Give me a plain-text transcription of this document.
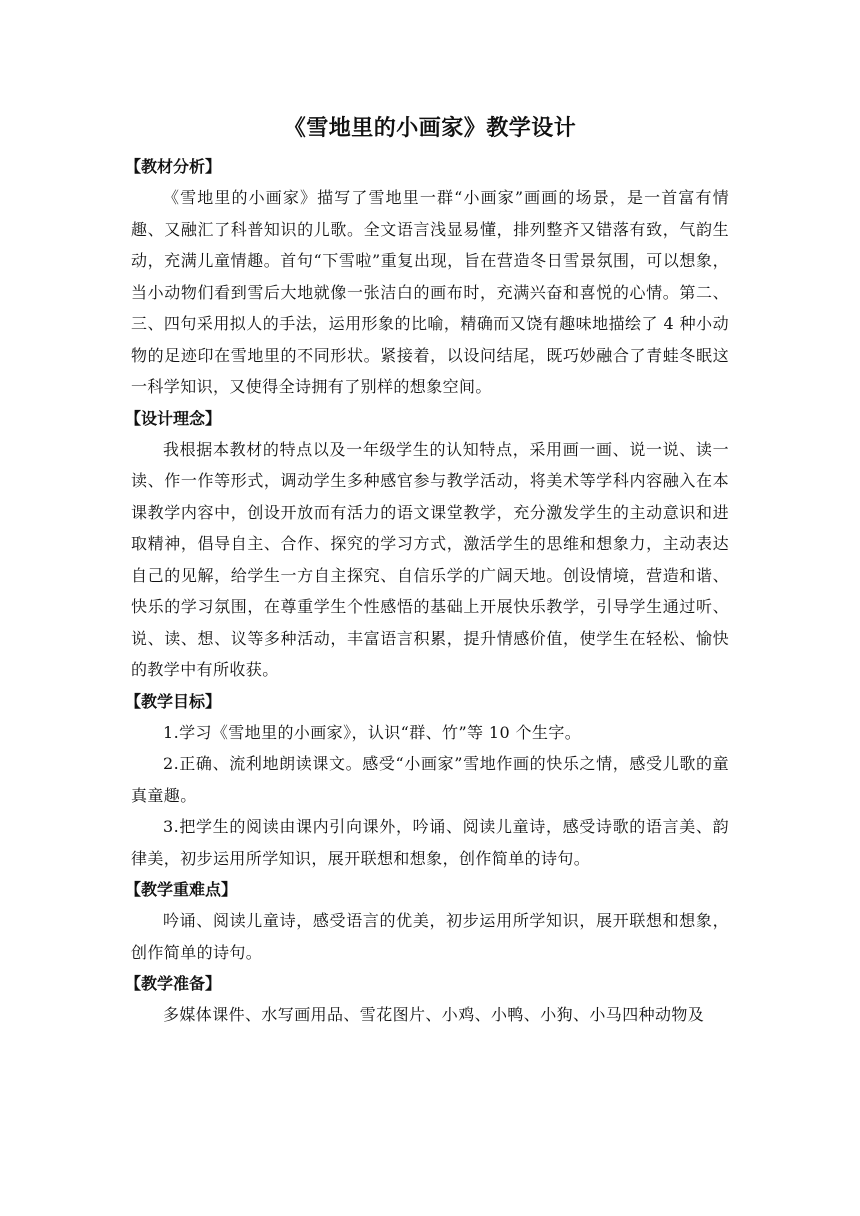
《雪地里的小画家》教学设计
【教材分析】

《雪地里的小画家》描写了雪地里一群“小画家”画画的场景，是一首富有情趣、又融汇了科普知识的儿歌。全文语言浅显易懂，排列整齐又错落有致，气韵生动，充满儿童情趣。首句“下雪啦”重复出现，旨在营造冬日雪景氛围，可以想象，当小动物们看到雪后大地就像一张洁白的画布时，充满兴奋和喜悦的心情。第二、三、四句采用拟人的手法，运用形象的比喻，精确而又饶有趣味地描绘了 4 种小动物的足迹印在雪地里的不同形状。紧接着，以设问结尾，既巧妙融合了青蛙冬眠这一科学知识，又使得全诗拥有了别样的想象空间。

【设计理念】

我根据本教材的特点以及一年级学生的认知特点，采用画一画、说一说、读一读、作一作等形式，调动学生多种感官参与教学活动，将美术等学科内容融入在本课教学内容中，创设开放而有活力的语文课堂教学，充分激发学生的主动意识和进取精神，倡导自主、合作、探究的学习方式，激活学生的思维和想象力，主动表达自己的见解，给学生一方自主探究、自信乐学的广阔天地。创设情境，营造和谐、快乐的学习氛围，在尊重学生个性感悟的基础上开展快乐教学，引导学生通过听、说、读、想、议等多种活动，丰富语言积累，提升情感价值，使学生在轻松、愉快的教学中有所收获。

【教学目标】

1.学习《雪地里的小画家》，认识“群、竹”等 10 个生字。

2.正确、流利地朗读课文。感受“小画家”雪地作画的快乐之情，感受儿歌的童真童趣。

3.把学生的阅读由课内引向课外，吟诵、阅读儿童诗，感受诗歌的语言美、韵律美，初步运用所学知识，展开联想和想象，创作简单的诗句。

【教学重难点】

吟诵、阅读儿童诗，感受语言的优美，初步运用所学知识，展开联想和想象，创作简单的诗句。

【教学准备】

多媒体课件、水写画用品、雪花图片、小鸡、小鸭、小狗、小马四种动物及
